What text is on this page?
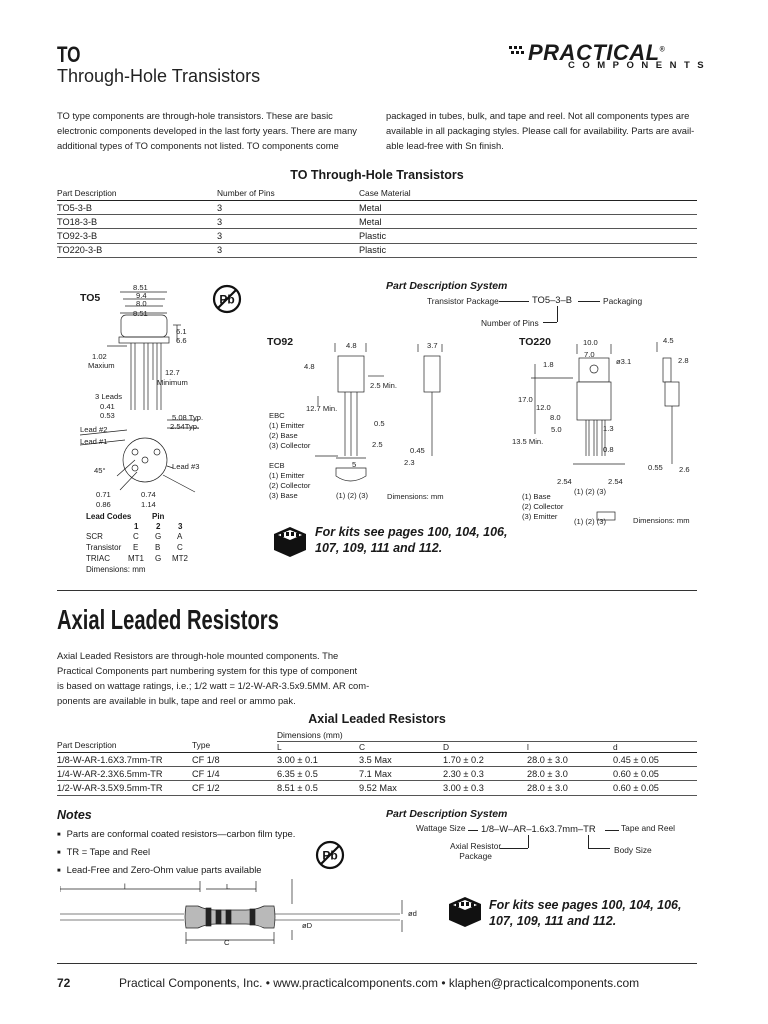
TO
Through-Hole Transistors
PRACTICAL®
COMPONENTS
TO type components are through-hole transistors. These are basic
electronic components developed in the last forty years. There are many
additional types of TO components not listed. TO components come
packaged in tubes, bulk, and tape and reel. Not all components types are
available in all packaging styles. Please call for availability. Parts are avail-
able lead-free with Sn finish.
TO Through-Hole Transistors
Part Description	Number of Pins	Case Material
TO5-3-B	3	Metal
TO18-3-B	3	Metal
TO92-3-B	3	Plastic
TO220-3-B	3	Plastic
TO5
8.51
9.4
8.0
8.51
6.1
6.6
1.02
Maxium
12.7
Minimum
3 Leads
0.41
0.53	5.08 Typ.
2.54Typ.
Lead #2
Lead #1
Lead #3
45°
0.71
0.86
0.74
1.14
Lead Codes	Pin
1 2 3
SCR	C G A
Transistor E B C
TRIAC MT1 G MT2
Dimensions: mm
Pb
TO92	4.8	3.7
4.8
2.5 Min.
12.7 Min.
0.5
2.5
0.45
2.3
5
(1) (2) (3) Dimensions: mm
EBC
(1) Emitter
(2) Base
(3) Collector
ECB
(1) Emitter
(2) Collector
(3) Base
Part Description System
Transistor Package	TO5–3–B	Packaging
Number of Pins
TO220	10.0
7.0
ø3.1
1.8
17.0
12.0
8.0
5.0	1.3
13.5 Min.
0.8
2.54	2.54
(1) (2) (3)
(1) (2) (3)
4.5
2.8
0.55 2.6
(1) Base
(2) Collector
(3) Emitter	Dimensions: mm
For kits see pages 100, 104, 106,
107, 109, 111 and 112.
Axial Leaded Resistors
Axial Leaded Resistors are through-hole mounted components. The
Practical Components part numbering system for this type of component
is based on wattage ratings, i.e.; 1/2 watt = 1/2-W-AR-3.5x9.5MM. AR com-
ponents are available in bulk, tape and reel or ammo pak.
Axial Leaded Resistors
Part Description	Type	Dimensions (mm)				
		L	C	D	l	d
1/8-W-AR-1.6X3.7mm-TR	CF 1/8	3.00 ± 0.1	3.5 Max	1.70 ± 0.2	28.0 ± 3.0	0.45 ± 0.05
1/4-W-AR-2.3X6.5mm-TR	CF 1/4	6.35 ± 0.5	7.1 Max	2.30 ± 0.3	28.0 ± 3.0	0.60 ± 0.05
1/2-W-AR-3.5X9.5mm-TR	CF 1/2	8.51 ± 0.5	9.52 Max	3.00 ± 0.3	28.0 ± 3.0	0.60 ± 0.05
Notes
■ Parts are conformal coated resistors—carbon film type.
■ TR = Tape and Reel
■ Lead-Free and Zero-Ohm value parts available
Part Description System
Wattage Size 1/8–W–AR–1.6x3.7mm–TR	Tape and Reel
Axial Resistor
Package
Body Size
Pb
l	L
C
ød
øD
For kits see pages 100, 104, 106,
107, 109, 111 and 112.
72	Practical Components, Inc. • www.practicalcomponents.com • klaphen@practicalcomponents.com
